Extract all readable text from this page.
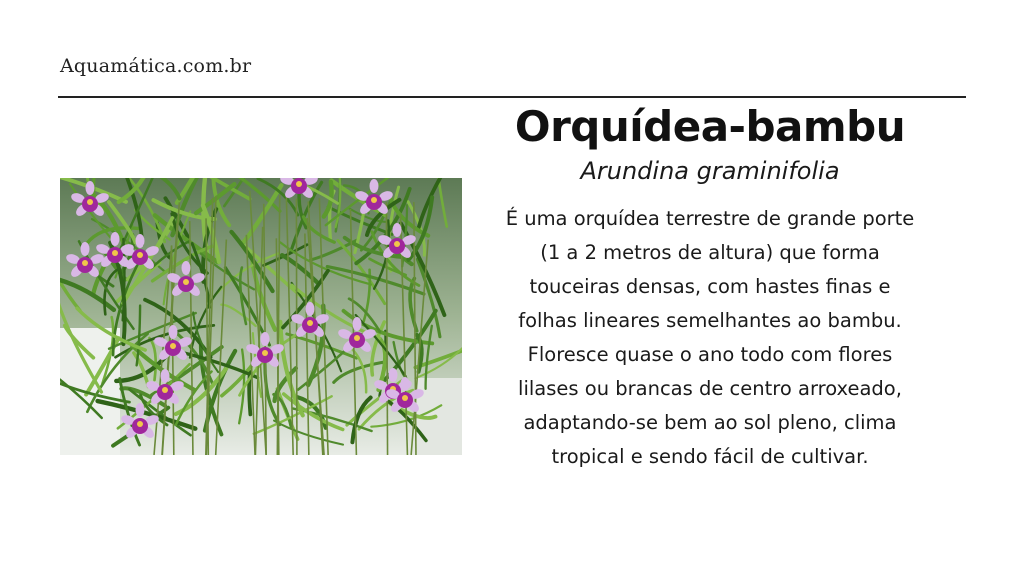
Aquamática.com.br
Orquídea-bambu

Arundina graminifolia

É uma orquídea terrestre de grande porte (1 a 2 metros de altura) que forma touceiras densas, com hastes finas e folhas lineares semelhantes ao bambu. Floresce quase o ano todo com flores lilases ou brancas de centro arroxeado, adaptando-se bem ao sol pleno, clima tropical e sendo fácil de cultivar.
